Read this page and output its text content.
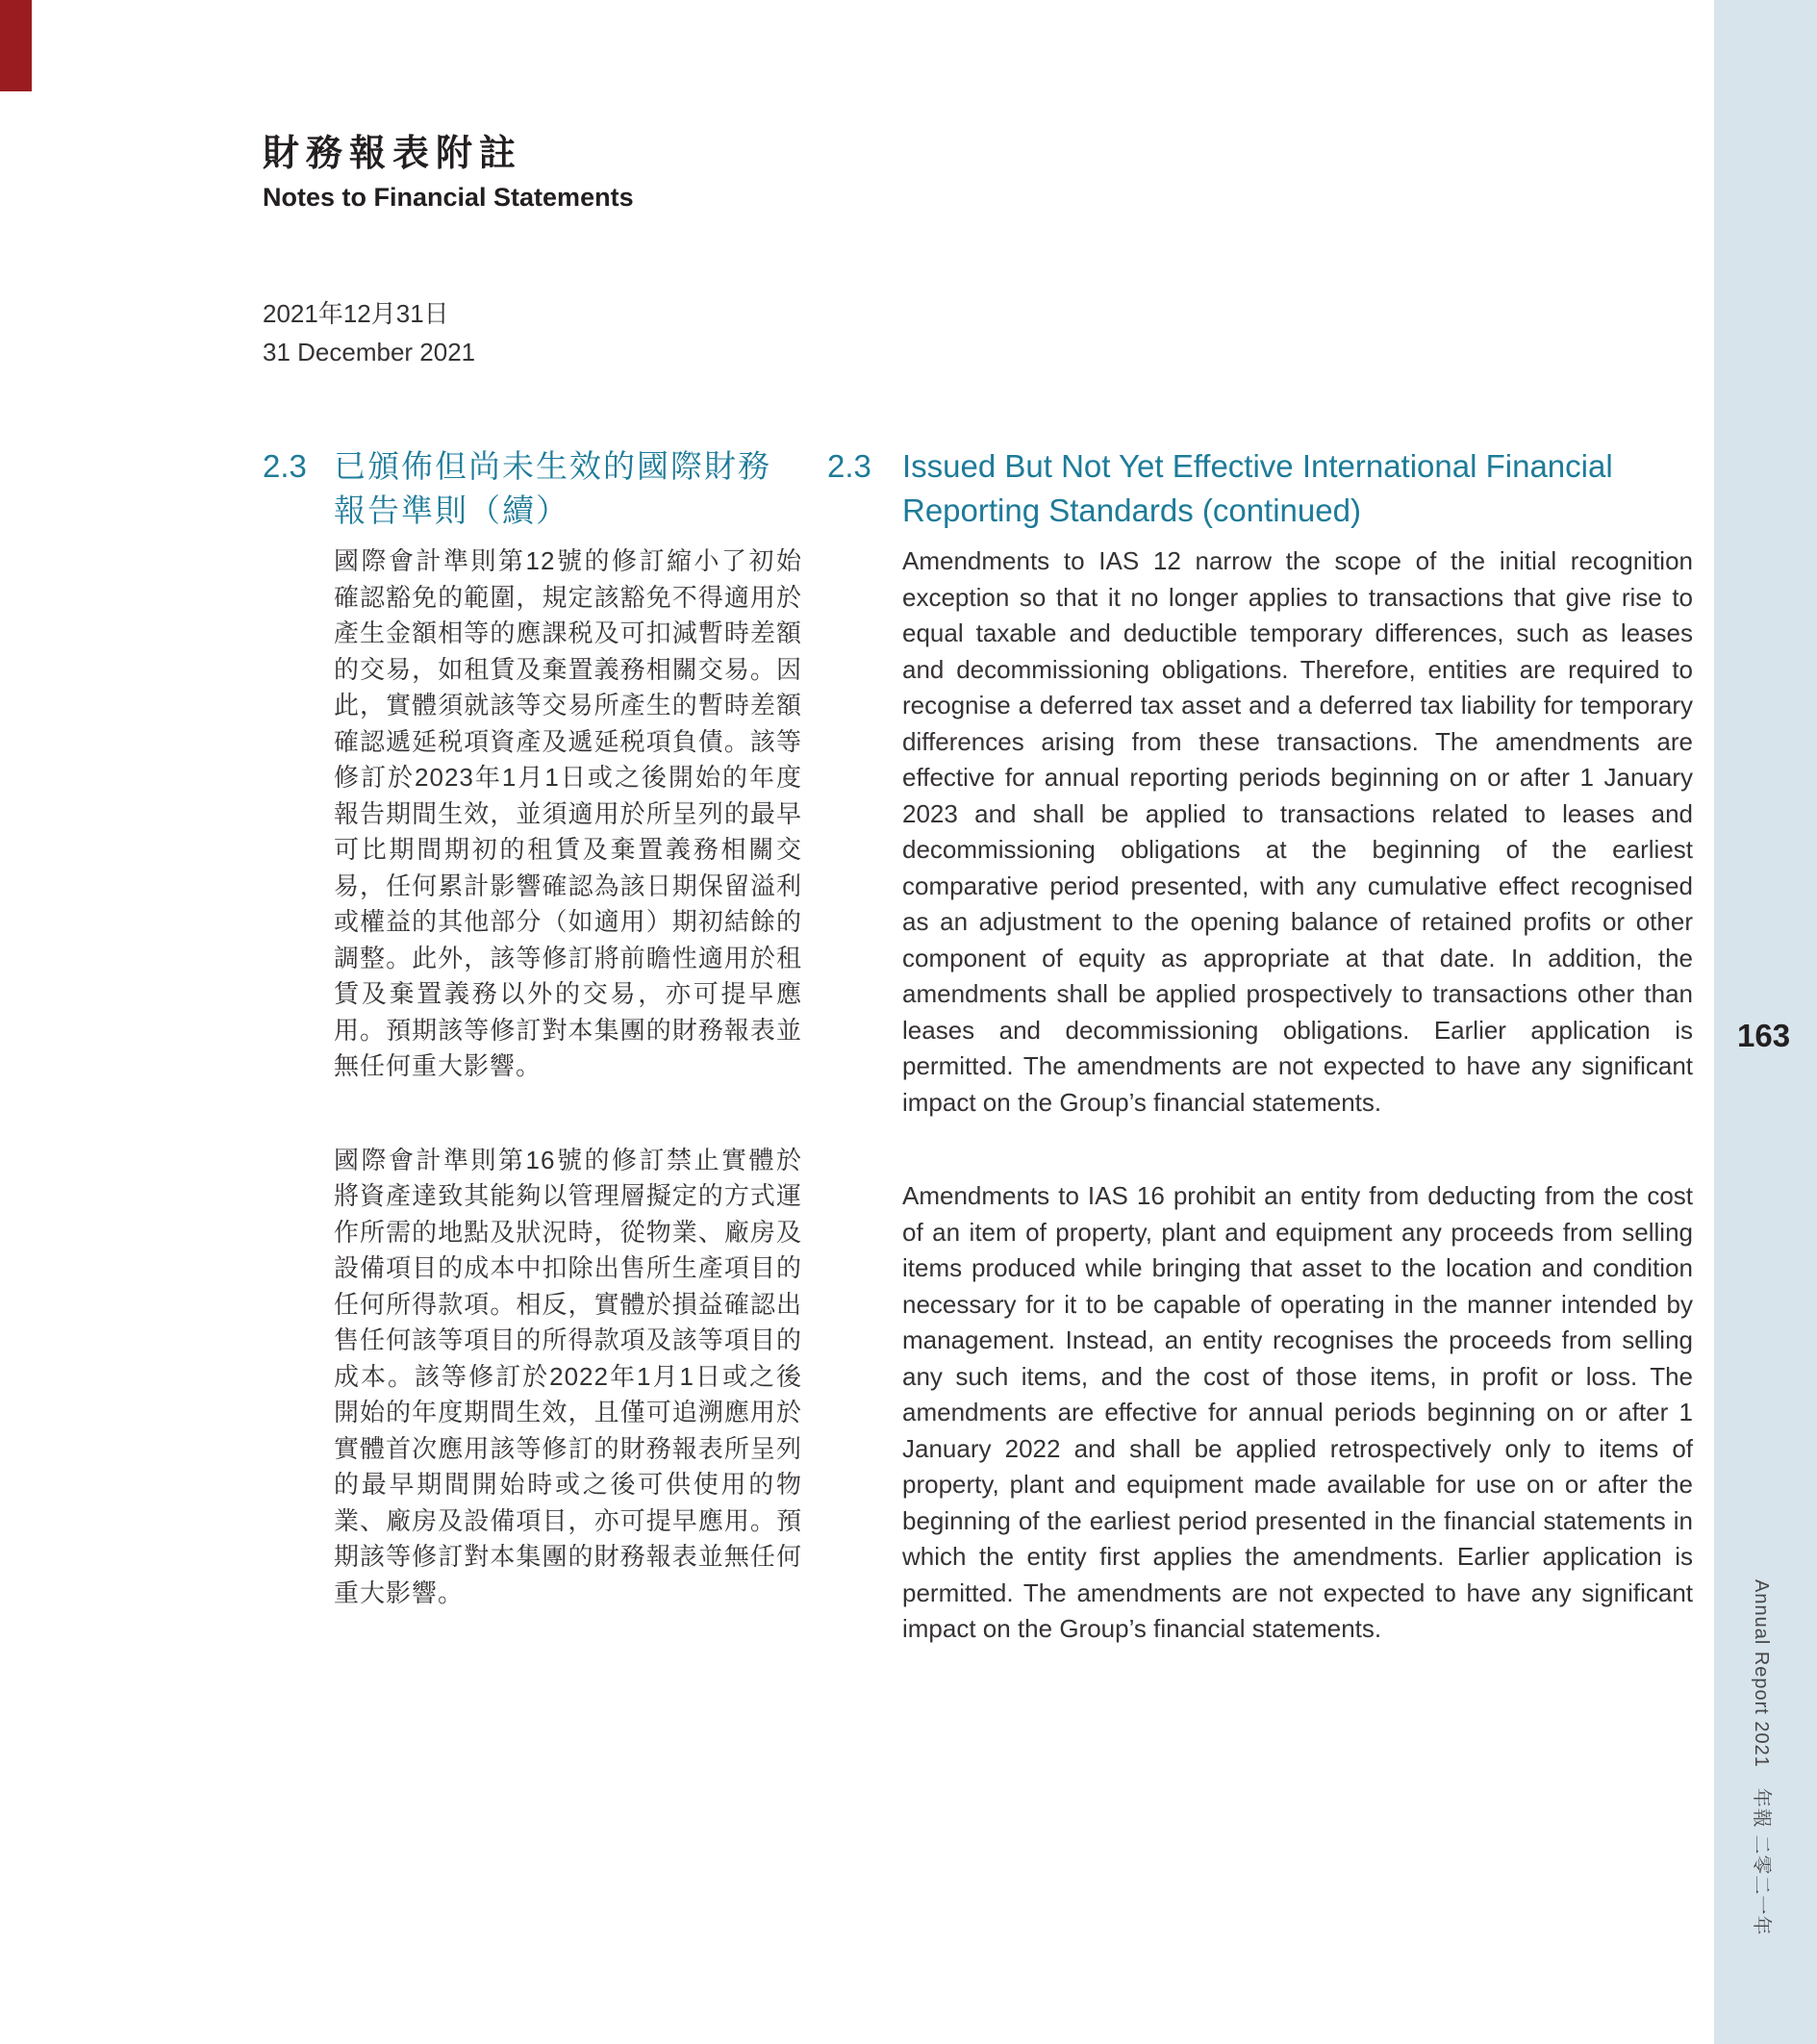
財務報表附註
Notes to Financial Statements
2021年12月31日
31 December 2021
2.3 已頒佈但尚未生效的國際財務報告準則（續）

國際會計準則第12號的修訂縮小了初始確認豁免的範圍，規定該豁免不得適用於產生金額相等的應課税及可扣減暫時差額的交易，如租賃及棄置義務相關交易。因此，實體須就該等交易所產生的暫時差額確認遞延税項資產及遞延税項負債。該等修訂於2023年1月1日或之後開始的年度報告期間生效，並須適用於所呈列的最早可比期間期初的租賃及棄置義務相關交易，任何累計影響確認為該日期保留溢利或權益的其他部分（如適用）期初結餘的調整。此外，該等修訂將前瞻性適用於租賃及棄置義務以外的交易，亦可提早應用。預期該等修訂對本集團的財務報表並無任何重大影響。

國際會計準則第16號的修訂禁止實體於將資產達致其能夠以管理層擬定的方式運作所需的地點及狀況時，從物業、廠房及設備項目的成本中扣除出售所生產項目的任何所得款項。相反，實體於損益確認出售任何該等項目的所得款項及該等項目的成本。該等修訂於2022年1月1日或之後開始的年度期間生效，且僅可追溯應用於實體首次應用該等修訂的財務報表所呈列的最早期間開始時或之後可供使用的物業、廠房及設備項目，亦可提早應用。預期該等修訂對本集團的財務報表並無任何重大影響。

2.3 Issued But Not Yet Effective International Financial Reporting Standards (continued)

Amendments to IAS 12 narrow the scope of the initial recognition exception so that it no longer applies to transactions that give rise to equal taxable and deductible temporary differences, such as leases and decommissioning obligations. Therefore, entities are required to recognise a deferred tax asset and a deferred tax liability for temporary differences arising from these transactions. The amendments are effective for annual reporting periods beginning on or after 1 January 2023 and shall be applied to transactions related to leases and decommissioning obligations at the beginning of the earliest comparative period presented, with any cumulative effect recognised as an adjustment to the opening balance of retained profits or other component of equity as appropriate at that date. In addition, the amendments shall be applied prospectively to transactions other than leases and decommissioning obligations. Earlier application is permitted. The amendments are not expected to have any significant impact on the Group’s financial statements.

Amendments to IAS 16 prohibit an entity from deducting from the cost of an item of property, plant and equipment any proceeds from selling items produced while bringing that asset to the location and condition necessary for it to be capable of operating in the manner intended by management. Instead, an entity recognises the proceeds from selling any such items, and the cost of those items, in profit or loss. The amendments are effective for annual periods beginning on or after 1 January 2022 and shall be applied retrospectively only to items of property, plant and equipment made available for use on or after the beginning of the earliest period presented in the financial statements in which the entity first applies the amendments. Earlier application is permitted. The amendments are not expected to have any significant impact on the Group’s financial statements.

163
Annual Report 2021　年報 二零二一年
